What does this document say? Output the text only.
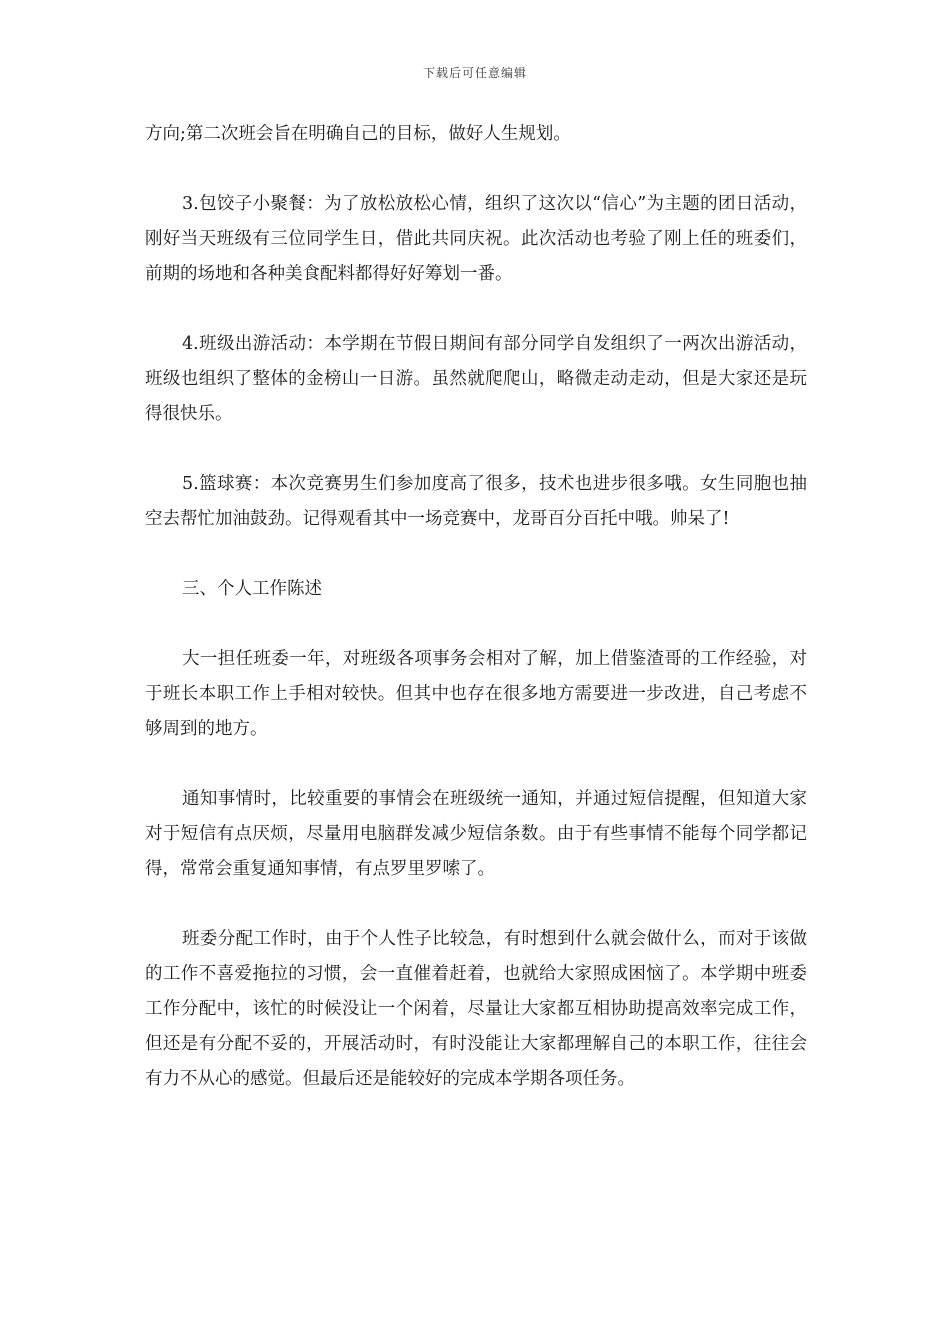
下载后可任意编辑

方向;第二次班会旨在明确自己的目标，做好人生规划。

3.包饺子小聚餐：为了放松放松心情，组织了这次以“信心”为主题的团日活动，刚好当天班级有三位同学生日，借此共同庆祝。此次活动也考验了刚上任的班委们，前期的场地和各种美食配料都得好好筹划一番。

4.班级出游活动：本学期在节假日期间有部分同学自发组织了一两次出游活动，班级也组织了整体的金榜山一日游。虽然就爬爬山，略微走动走动，但是大家还是玩得很快乐。

5.篮球赛：本次竞赛男生们参加度高了很多，技术也进步很多哦。女生同胞也抽空去帮忙加油鼓劲。记得观看其中一场竞赛中，龙哥百分百托中哦。帅呆了!

三、个人工作陈述

大一担任班委一年，对班级各项事务会相对了解，加上借鉴渣哥的工作经验，对于班长本职工作上手相对较快。但其中也存在很多地方需要进一步改进，自己考虑不够周到的地方。

通知事情时，比较重要的事情会在班级统一通知，并通过短信提醒，但知道大家对于短信有点厌烦，尽量用电脑群发减少短信条数。由于有些事情不能每个同学都记得，常常会重复通知事情，有点罗里罗嗦了。

班委分配工作时，由于个人性子比较急，有时想到什么就会做什么，而对于该做的工作不喜爱拖拉的习惯，会一直催着赶着，也就给大家照成困恼了。本学期中班委工作分配中，该忙的时候没让一个闲着，尽量让大家都互相协助提高效率完成工作，但还是有分配不妥的，开展活动时，有时没能让大家都理解自己的本职工作，往往会有力不从心的感觉。但最后还是能较好的完成本学期各项任务。
